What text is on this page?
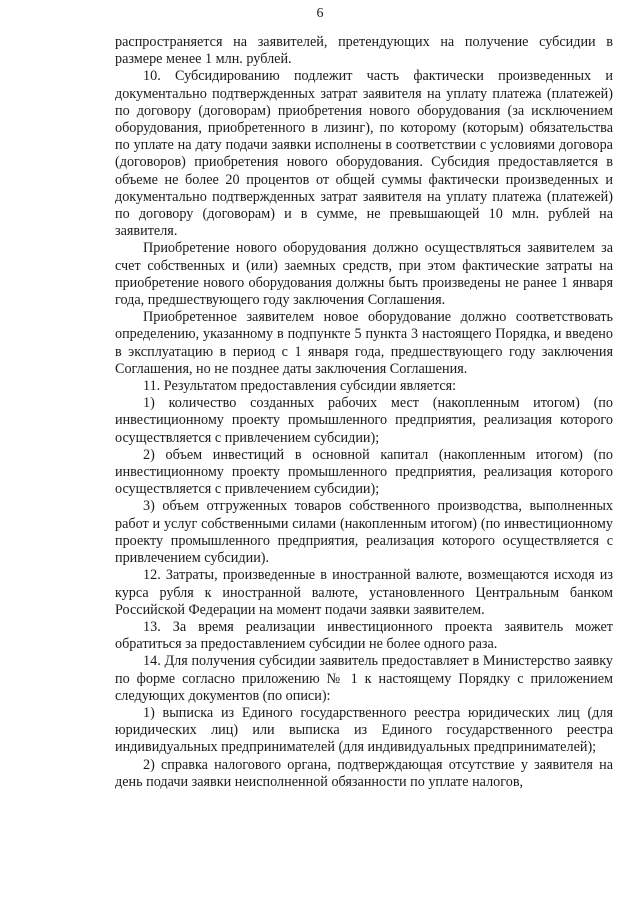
6

распространяется на заявителей, претендующих на получение субсидии в размере менее 1 млн. рублей.

10. Субсидированию подлежит часть фактически произведенных и документально подтвержденных затрат заявителя на уплату платежа (платежей) по договору (договорам) приобретения нового оборудования (за исключением оборудования, приобретенного в лизинг), по которому (которым) обязательства по уплате на дату подачи заявки исполнены в соответствии с условиями договора (договоров) приобретения нового оборудования. Субсидия предоставляется в объеме не более 20 процентов от общей суммы фактически произведенных и документально подтвержденных затрат заявителя на уплату платежа (платежей) по договору (договорам) и в сумме, не превышающей 10 млн. рублей на заявителя.

Приобретение нового оборудования должно осуществляться заявителем за счет собственных и (или) заемных средств, при этом фактические затраты на приобретение нового оборудования должны быть произведены не ранее 1 января года, предшествующего году заключения Соглашения.

Приобретенное заявителем новое оборудование должно соответствовать определению, указанному в подпункте 5 пункта 3 настоящего Порядка, и введено в эксплуатацию в период с 1 января года, предшествующего году заключения Соглашения, но не позднее даты заключения Соглашения.

11. Результатом предоставления субсидии является:

1) количество созданных рабочих мест (накопленным итогом) (по инвестиционному проекту промышленного предприятия, реализация которого осуществляется с привлечением субсидии);

2) объем инвестиций в основной капитал (накопленным итогом) (по инвестиционному проекту промышленного предприятия, реализация которого осуществляется с привлечением субсидии);

3) объем отгруженных товаров собственного производства, выполненных работ и услуг собственными силами (накопленным итогом) (по инвестиционному проекту промышленного предприятия, реализация которого осуществляется с привлечением субсидии).

12. Затраты, произведенные в иностранной валюте, возмещаются исходя из курса рубля к иностранной валюте, установленного Центральным банком Российской Федерации на момент подачи заявки заявителем.

13. За время реализации инвестиционного проекта заявитель может обратиться за предоставлением субсидии не более одного раза.

14. Для получения субсидии заявитель предоставляет в Министерство заявку по форме согласно приложению № 1 к настоящему Порядку с приложением следующих документов (по описи):

1) выписка из Единого государственного реестра юридических лиц (для юридических лиц) или выписка из Единого государственного реестра индивидуальных предпринимателей (для индивидуальных предпринимателей);

2) справка налогового органа, подтверждающая отсутствие у заявителя на день подачи заявки неисполненной обязанности по уплате налогов,
